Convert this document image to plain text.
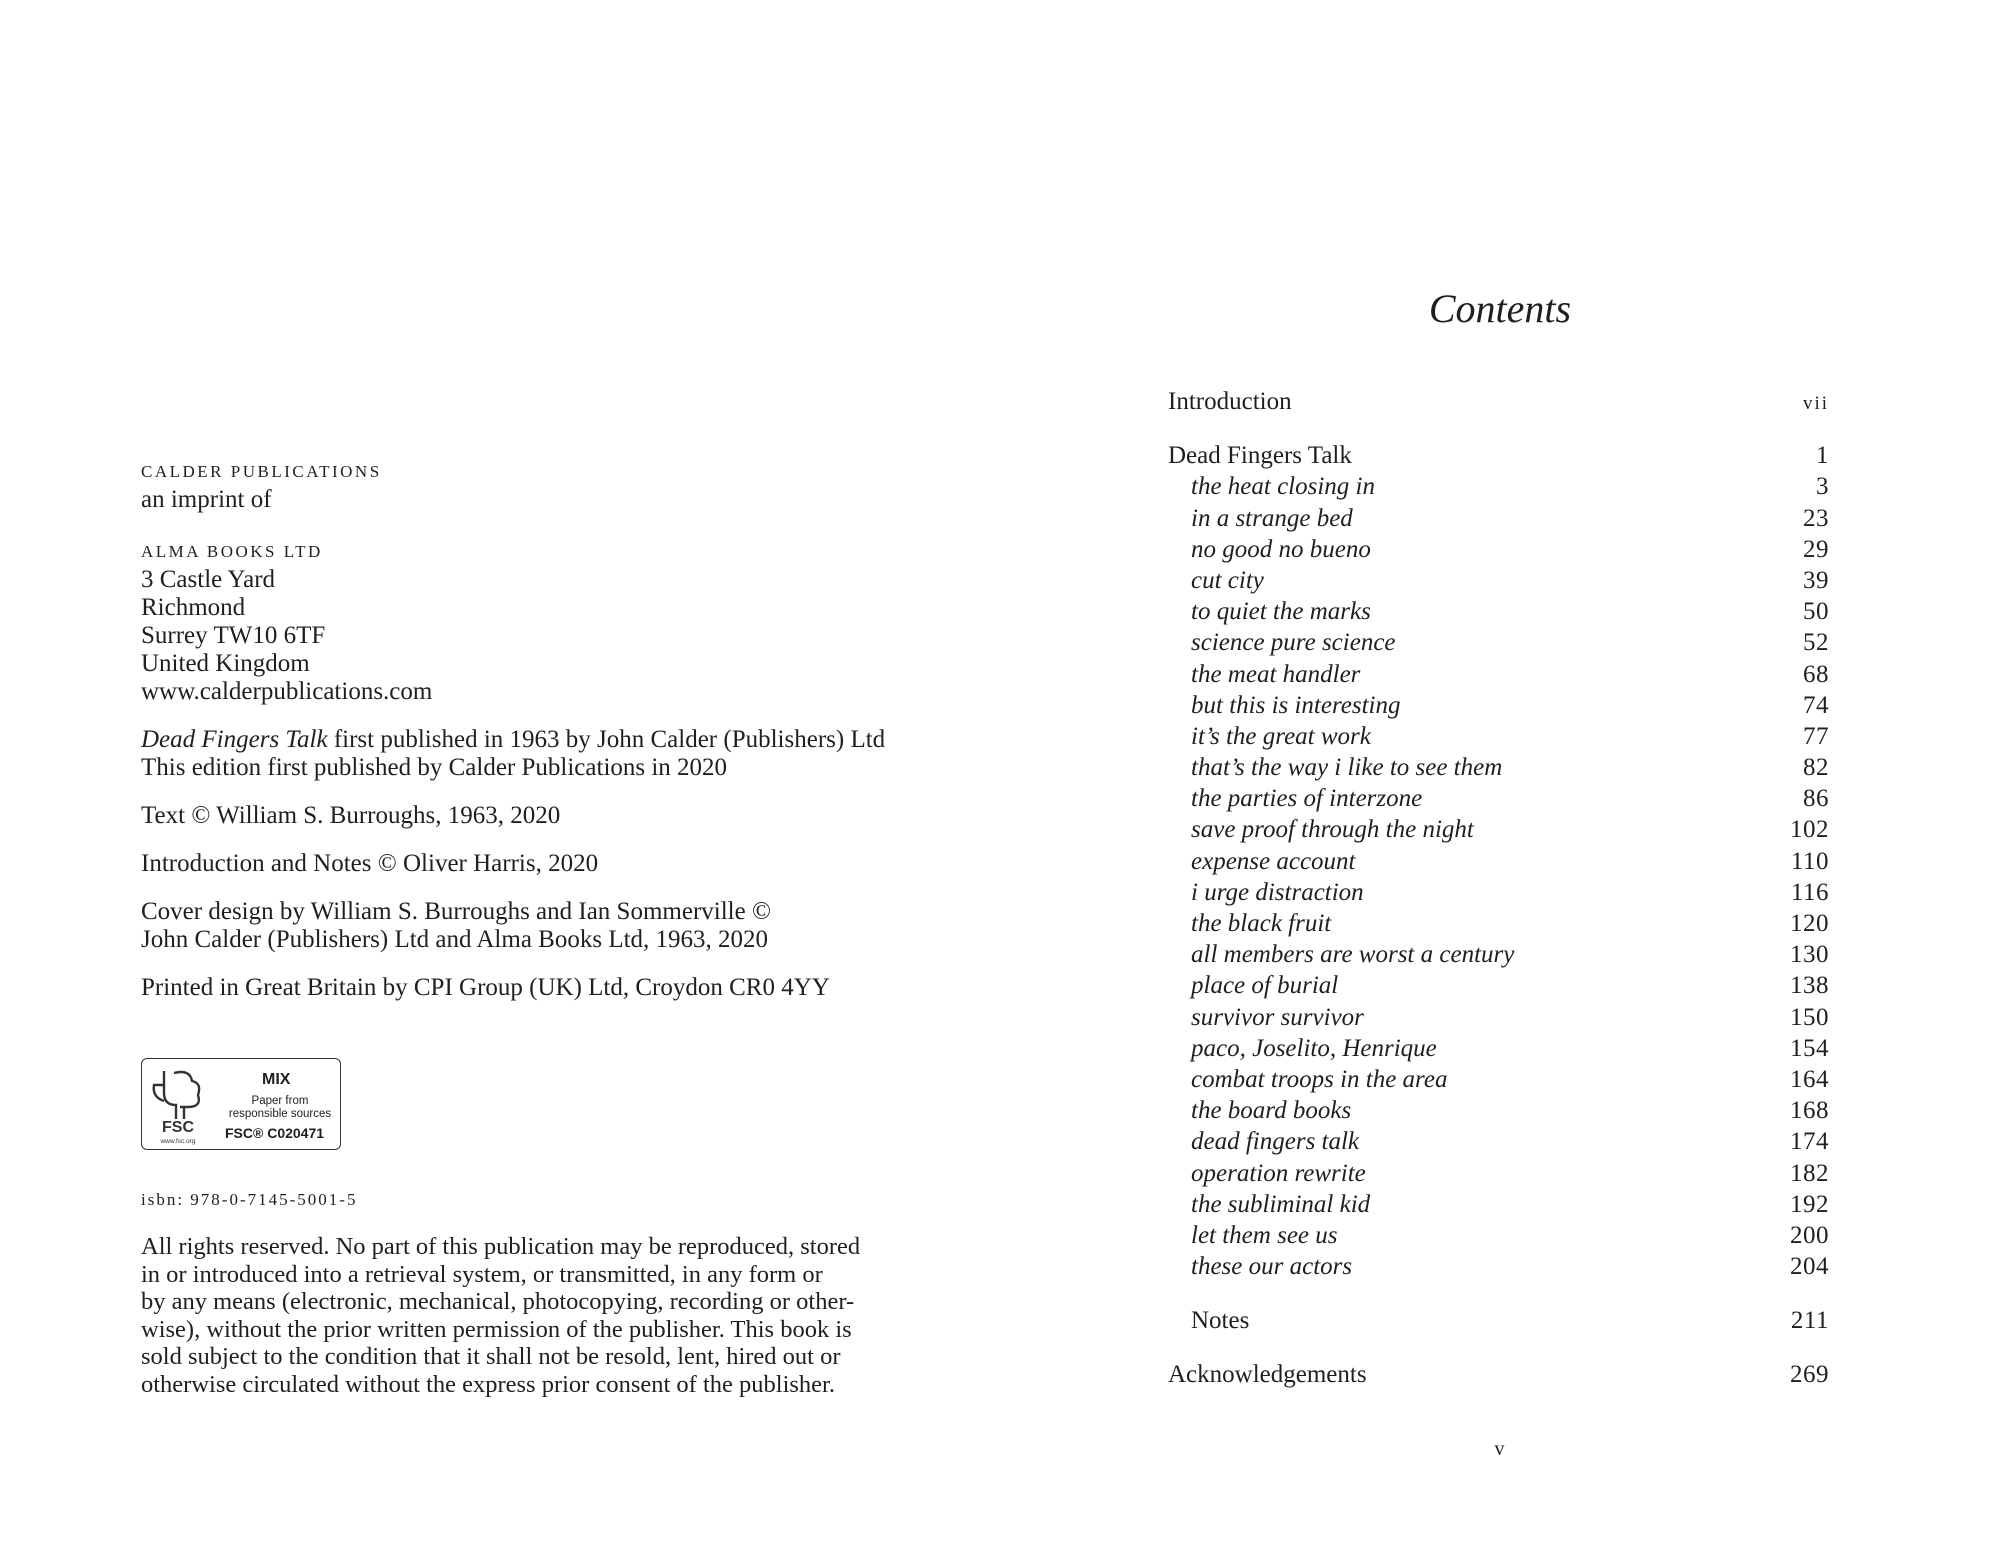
CALDER PUBLICATIONS
an imprint of
ALMA BOOKS LTD
3 Castle Yard
Richmond
Surrey TW10 6TF
United Kingdom
www.calderpublications.com
Dead Fingers Talk first published in 1963 by John Calder (Publishers) Ltd
This edition first published by Calder Publications in 2020
Text © William S. Burroughs, 1963, 2020
Introduction and Notes © Oliver Harris, 2020
Cover design by William S. Burroughs and Ian Sommerville ©
John Calder (Publishers) Ltd and Alma Books Ltd, 1963, 2020
Printed in Great Britain by CPI Group (UK) Ltd, Croydon CR0 4YY
FSC
www.fsc.org
MIX
Paper from responsible sources
FSC® C020471
isbn: 978-0-7145-5001-5
All rights reserved. No part of this publication may be reproduced, stored
in or introduced into a retrieval system, or transmitted, in any form or
by any means (electronic, mechanical, photocopying, recording or other-
wise), without the prior written permission of the publisher. This book is
sold subject to the condition that it shall not be resold, lent, hired out or
otherwise circulated without the express prior consent of the publisher.
Contents
Introduction	vii
Dead Fingers Talk	1
the heat closing in	3
in a strange bed	23
no good no bueno	29
cut city	39
to quiet the marks	50
science pure science	52
the meat handler	68
but this is interesting	74
it’s the great work	77
that’s the way i like to see them	82
the parties of interzone	86
save proof through the night	102
expense account	110
i urge distraction	116
the black fruit	120
all members are worst a century	130
place of burial	138
survivor survivor	150
paco, Joselito, Henrique	154
combat troops in the area	164
the board books	168
dead fingers talk	174
operation rewrite	182
the subliminal kid	192
let them see us	200
these our actors	204
Notes	211
Acknowledgements	269
v
